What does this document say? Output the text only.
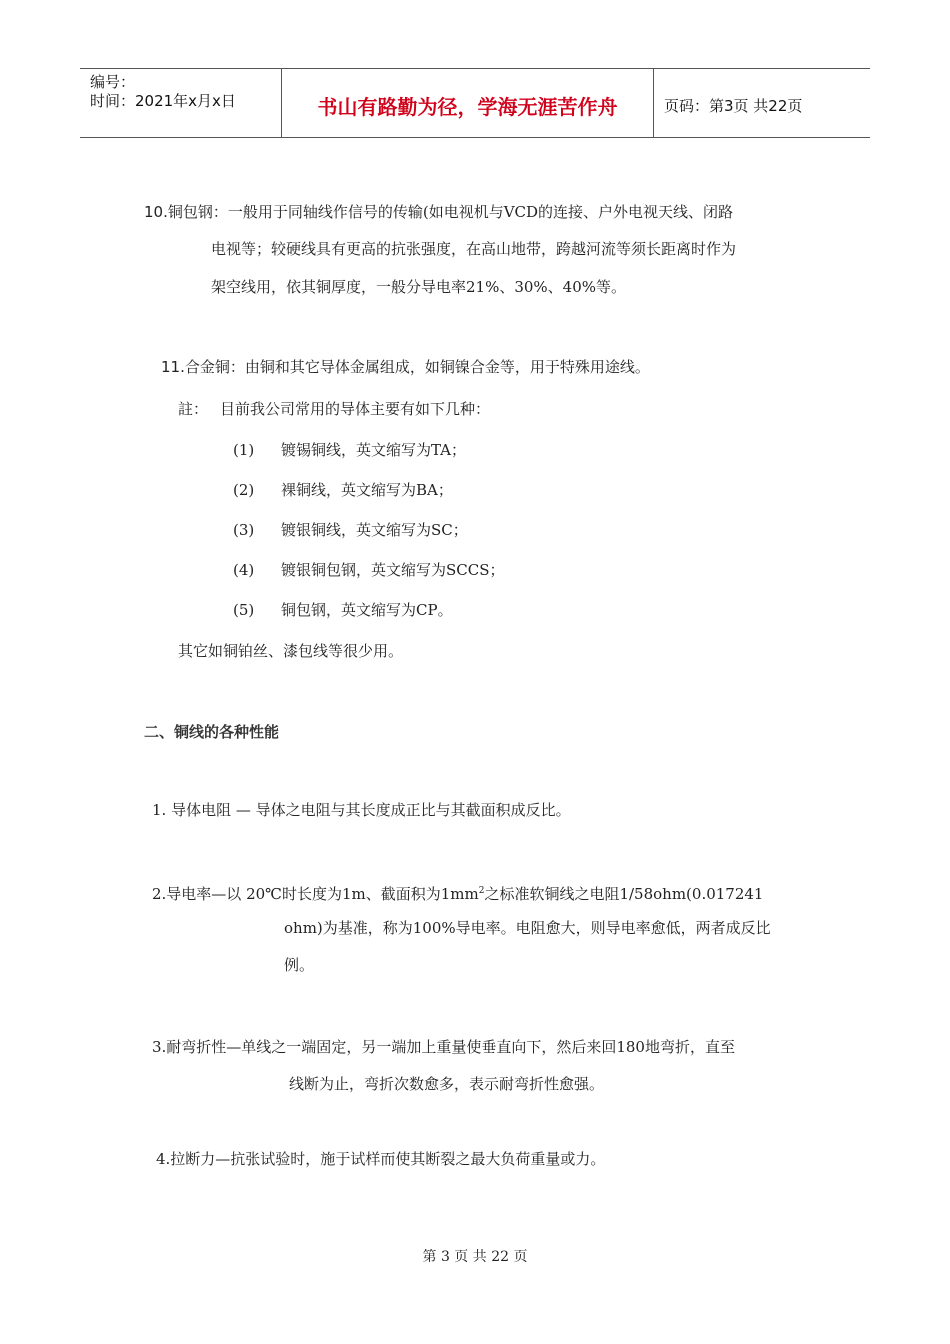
编号：
时间：2021年x月x日	书山有路勤为径，学海无涯苦作舟	页码：第3页 共22页
10.铜包钢：一般用于同轴线作信号的传输(如电视机与VCD的连接、户外电视天线、闭路
电视等；较硬线具有更高的抗张强度，在高山地带，跨越河流等须长距离时作为
架空线用，依其铜厚度，一般分导电率21%、30%、40%等。
11.合金铜：由铜和其它导体金属组成，如铜镍合金等，用于特殊用途线。
註： 目前我公司常用的导体主要有如下几种：
(1) 镀锡铜线，英文缩写为TA；
(2) 裸铜线，英文缩写为BA；
(3) 镀银铜线，英文缩写为SC；
(4) 镀银铜包钢，英文缩写为SCCS；
(5) 铜包钢，英文缩写为CP。
其它如铜铂丝、漆包线等很少用。
二、铜线的各种性能
1. 导体电阻 — 导体之电阻与其长度成正比与其截面积成反比。
2.导电率—以 20℃时长度为1m、截面积为$1mm^2$之标准软铜线之电阻1/58ohm(0.017241
ohm)为基准，称为100%导电率。电阻愈大，则导电率愈低，两者成反比
例。
3.耐弯折性—单线之一端固定，另一端加上重量使垂直向下，然后来回180地弯折，直至
线断为止，弯折次数愈多，表示耐弯折性愈强。
4.拉断力—抗张试验时，施于试样而使其断裂之最大负荷重量或力。
第 3 页 共 22 页
